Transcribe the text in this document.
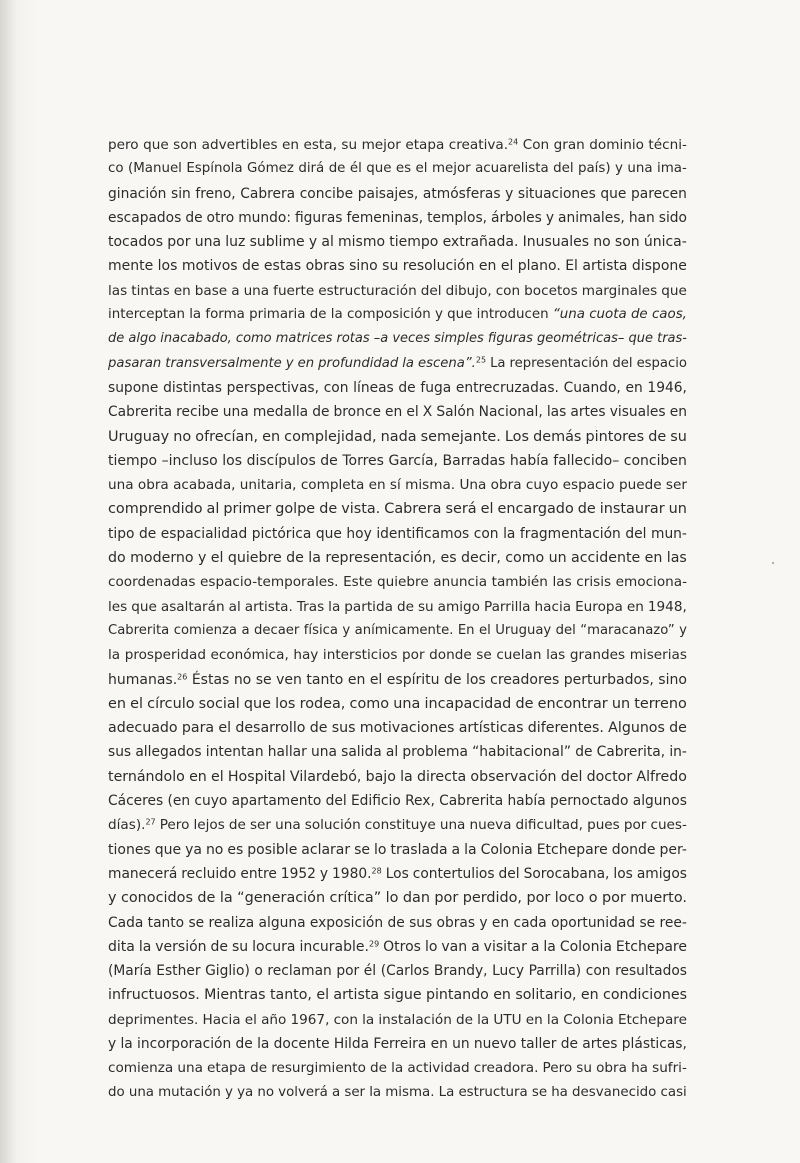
pero que son advertibles en esta, su mejor etapa creativa.$^{24}$ Con gran dominio técni-
co (Manuel Espínola Gómez dirá de él que es el mejor acuarelista del país) y una ima-
ginación sin freno, Cabrera concibe paisajes, atmósferas y situaciones que parecen
escapados de otro mundo: figuras femeninas, templos, árboles y animales, han sido
tocados por una luz sublime y al mismo tiempo extrañada. Inusuales no son única-
mente los motivos de estas obras sino su resolución en el plano. El artista dispone
las tintas en base a una fuerte estructuración del dibujo, con bocetos marginales que
interceptan la forma primaria de la composición y que introducen “una cuota de caos,
de algo inacabado, como matrices rotas –a veces simples figuras geométricas– que tras-
pasaran transversalmente y en profundidad la escena”.$^{25}$ La representación del espacio
supone distintas perspectivas, con líneas de fuga entrecruzadas. Cuando, en 1946,
Cabrerita recibe una medalla de bronce en el X Salón Nacional, las artes visuales en
Uruguay no ofrecían, en complejidad, nada semejante. Los demás pintores de su
tiempo –incluso los discípulos de Torres García, Barradas había fallecido– conciben
una obra acabada, unitaria, completa en sí misma. Una obra cuyo espacio puede ser
comprendido al primer golpe de vista. Cabrera será el encargado de instaurar un
tipo de espacialidad pictórica que hoy identificamos con la fragmentación del mun-
do moderno y el quiebre de la representación, es decir, como un accidente en las
coordenadas espacio-temporales. Este quiebre anuncia también las crisis emociona-
les que asaltarán al artista. Tras la partida de su amigo Parrilla hacia Europa en 1948,
Cabrerita comienza a decaer física y anímicamente. En el Uruguay del “maracanazo” y
la prosperidad económica, hay intersticios por donde se cuelan las grandes miserias
humanas.$^{26}$ Éstas no se ven tanto en el espíritu de los creadores perturbados, sino
en el círculo social que los rodea, como una incapacidad de encontrar un terreno
adecuado para el desarrollo de sus motivaciones artísticas diferentes. Algunos de
sus allegados intentan hallar una salida al problema “habitacional” de Cabrerita, in-
ternándolo en el Hospital Vilardebó, bajo la directa observación del doctor Alfredo
Cáceres (en cuyo apartamento del Edificio Rex, Cabrerita había pernoctado algunos
días).$^{27}$ Pero lejos de ser una solución constituye una nueva dificultad, pues por cues-
tiones que ya no es posible aclarar se lo traslada a la Colonia Etchepare donde per-
manecerá recluido entre 1952 y 1980.28 Los contertulios del Sorocabana, los amigos
y conocidos de la “generación crítica” lo dan por perdido, por loco o por muerto.
Cada tanto se realiza alguna exposición de sus obras y en cada oportunidad se ree-
dita la versión de su locura incurable.$^{29}$ Otros lo van a visitar a la Colonia Etchepare
(María Esther Giglio) o reclaman por él (Carlos Brandy, Lucy Parrilla) con resultados
infructuosos. Mientras tanto, el artista sigue pintando en solitario, en condiciones
deprimentes. Hacia el año 1967, con la instalación de la UTU en la Colonia Etchepare
y la incorporación de la docente Hilda Ferreira en un nuevo taller de artes plásticas,
comienza una etapa de resurgimiento de la actividad creadora. Pero su obra ha sufri-
do una mutación y ya no volverá a ser la misma. La estructura se ha desvanecido casi
